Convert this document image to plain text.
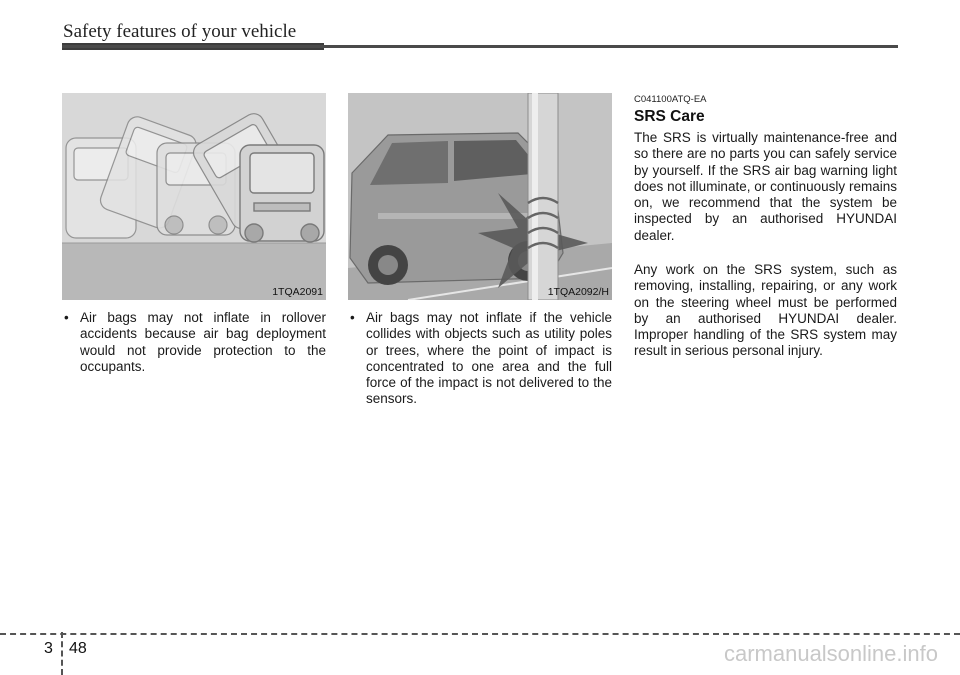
Safety features of your vehicle
1TQA2091	1TQA2092/H
• Air bags may not inflate in rollover accidents because air bag deployment would not provide protection to the occupants.
• Air bags may not inflate if the vehicle collides with objects such as utility poles or trees, where the point of impact is concentrated to one area and the full force of the impact is not delivered to the sensors.
C041100ATQ-EA
SRS Care
The SRS is virtually maintenance-free and so there are no parts you can safely service by yourself. If the SRS air bag warning light does not illuminate, or continuously remains on, we recommend that the system be inspected by an authorised HYUNDAI dealer.
Any work on the SRS system, such as removing, installing, repairing, or any work on the steering wheel must be performed by an authorised HYUNDAI dealer. Improper handling of the SRS system may result in serious personal injury.
3 48	carmanualsonline.info
